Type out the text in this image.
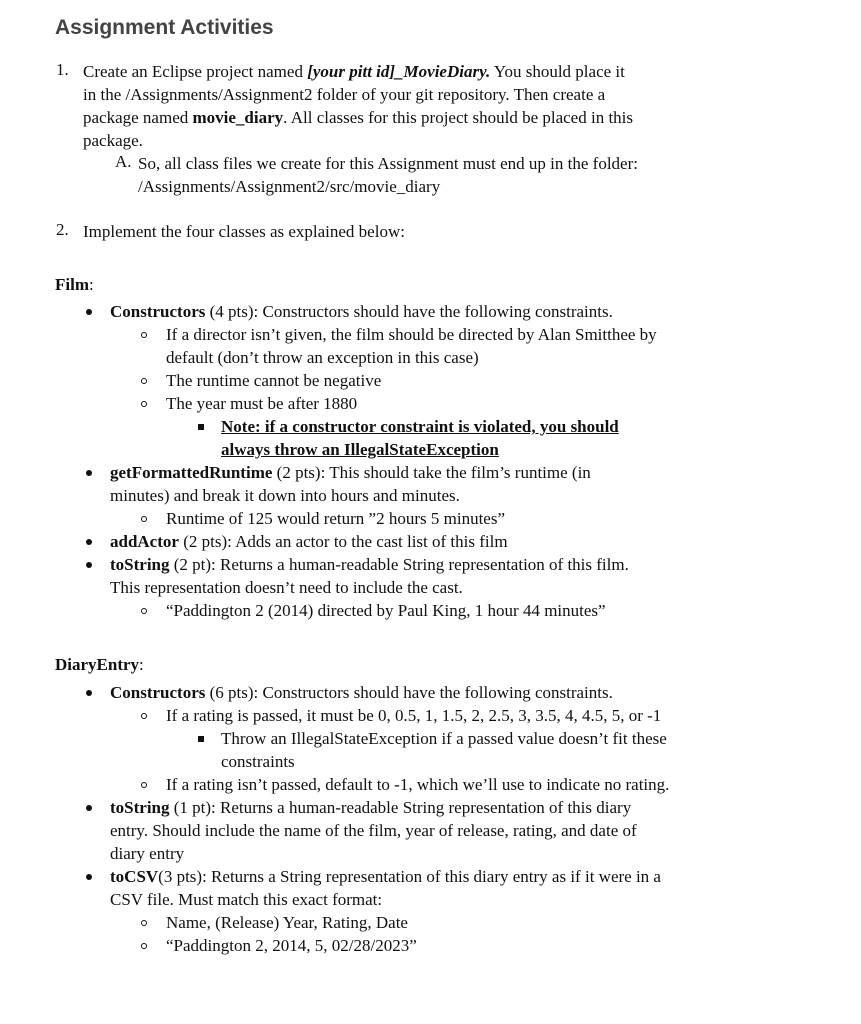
Assignment Activities
1. Create an Eclipse project named [your pitt id]_MovieDiary. You should place it
in the /Assignments/Assignment2 folder of your git repository. Then create a
package named movie_diary. All classes for this project should be placed in this
package.
A. So, all class files we create for this Assignment must end up in the folder:
/Assignments/Assignment2/src/movie_diary
2. Implement the four classes as explained below:
Film:
Constructors (4 pts): Constructors should have the following constraints.
If a director isn’t given, the film should be directed by Alan Smitthee by
default (don’t throw an exception in this case)
The runtime cannot be negative
The year must be after 1880
Note: if a constructor constraint is violated, you should
always throw an IllegalStateException
getFormattedRuntime (2 pts): This should take the film’s runtime (in
minutes) and break it down into hours and minutes.
Runtime of 125 would return ”2 hours 5 minutes”
addActor (2 pts): Adds an actor to the cast list of this film
toString (2 pt): Returns a human-readable String representation of this film.
This representation doesn’t need to include the cast.
“Paddington 2 (2014) directed by Paul King, 1 hour 44 minutes”
DiaryEntry:
Constructors (6 pts): Constructors should have the following constraints.
If a rating is passed, it must be 0, 0.5, 1, 1.5, 2, 2.5, 3, 3.5, 4, 4.5, 5, or -1
Throw an IllegalStateException if a passed value doesn’t fit these
constraints
If a rating isn’t passed, default to -1, which we’ll use to indicate no rating.
toString (1 pt): Returns a human-readable String representation of this diary
entry. Should include the name of the film, year of release, rating, and date of
diary entry
toCSV(3 pts): Returns a String representation of this diary entry as if it were in a
CSV file. Must match this exact format:
Name, (Release) Year, Rating, Date
“Paddington 2, 2014, 5, 02/28/2023”
